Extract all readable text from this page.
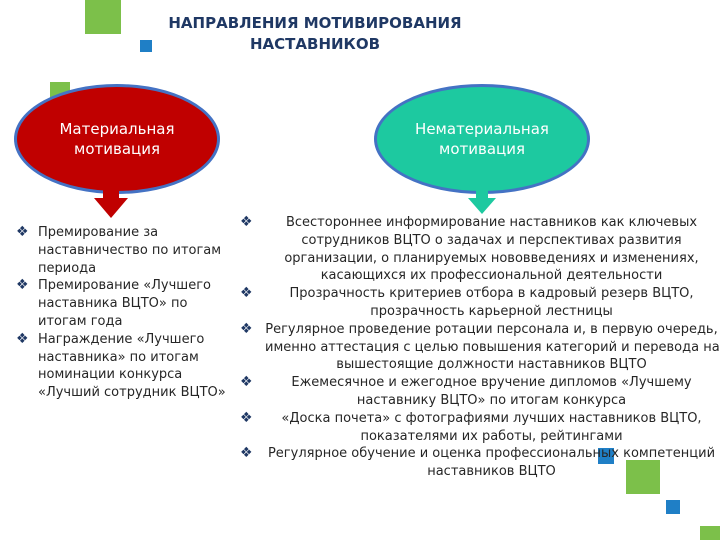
НАПРАВЛЕНИЯ МОТИВИРОВАНИЯ
НАСТАВНИКОВ
Материальная
мотивация
Нематериальная
мотивация
❖ Премирование за
наставничество по итогам
периода
❖ Премирование «Лучшего
наставника ВЦТО» по
итогам года
❖ Награждение «Лучшего
наставника» по итогам
номинации конкурса
«Лучший сотрудник ВЦТО»
❖	Всестороннее информирование наставников как ключевых
сотрудников ВЦТО о задачах и перспективах развития
организации, о планируемых нововведениях и изменениях,
касающихся их профессиональной деятельности
❖	Прозрачность критериев отбора в кадровый резерв ВЦТО,
прозрачность карьерной лестницы
❖ Регулярное проведение ротации персонала и, в первую очередь,
именно аттестация с целью повышения категорий и перевода на
вышестоящие должности наставников ВЦТО
❖	Ежемесячное и ежегодное вручение дипломов «Лучшему
наставнику ВЦТО» по итогам конкурса
❖	«Доска почета» с фотографиями лучших наставников ВЦТО,
показателями их работы, рейтингами
❖ Регулярное обучение и оценка профессиональных компетенций
наставников ВЦТО
